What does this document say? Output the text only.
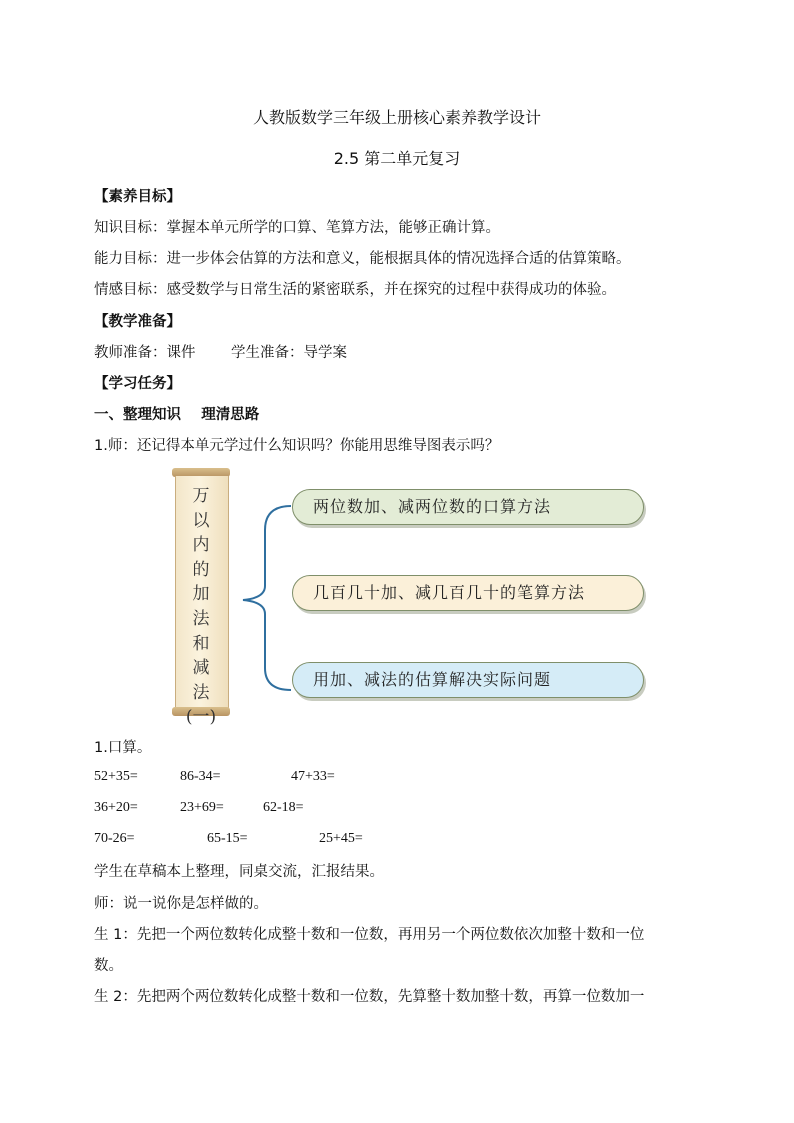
人教版数学三年级上册核心素养教学设计
2.5 第二单元复习
【素养目标】
知识目标：掌握本单元所学的口算、笔算方法，能够正确计算。
能力目标：进一步体会估算的方法和意义，能根据具体的情况选择合适的估算策略。
情感目标：感受数学与日常生活的紧密联系，并在探究的过程中获得成功的体验。
【教学准备】
教师准备：课件 学生准备：导学案
【学习任务】
一、整理知识    理清思路
1.师：还记得本单元学过什么知识吗？你能用思维导图表示吗？
万
以
内
的
加
法
和
减
法
(一)
两位数加、减两位数的口算方法
几百几十加、减几百几十的笔算方法
用加、减法的估算解决实际问题
1.口算。
52+35=	86-34=	47+33=
36+20=	23+69=	62-18=
70-26=	65-15=	25+45=
学生在草稿本上整理，同桌交流，汇报结果。
师：说一说你是怎样做的。
生 1：先把一个两位数转化成整十数和一位数，再用另一个两位数依次加整十数和一位
数。
生 2：先把两个两位数转化成整十数和一位数，先算整十数加整十数，再算一位数加一
